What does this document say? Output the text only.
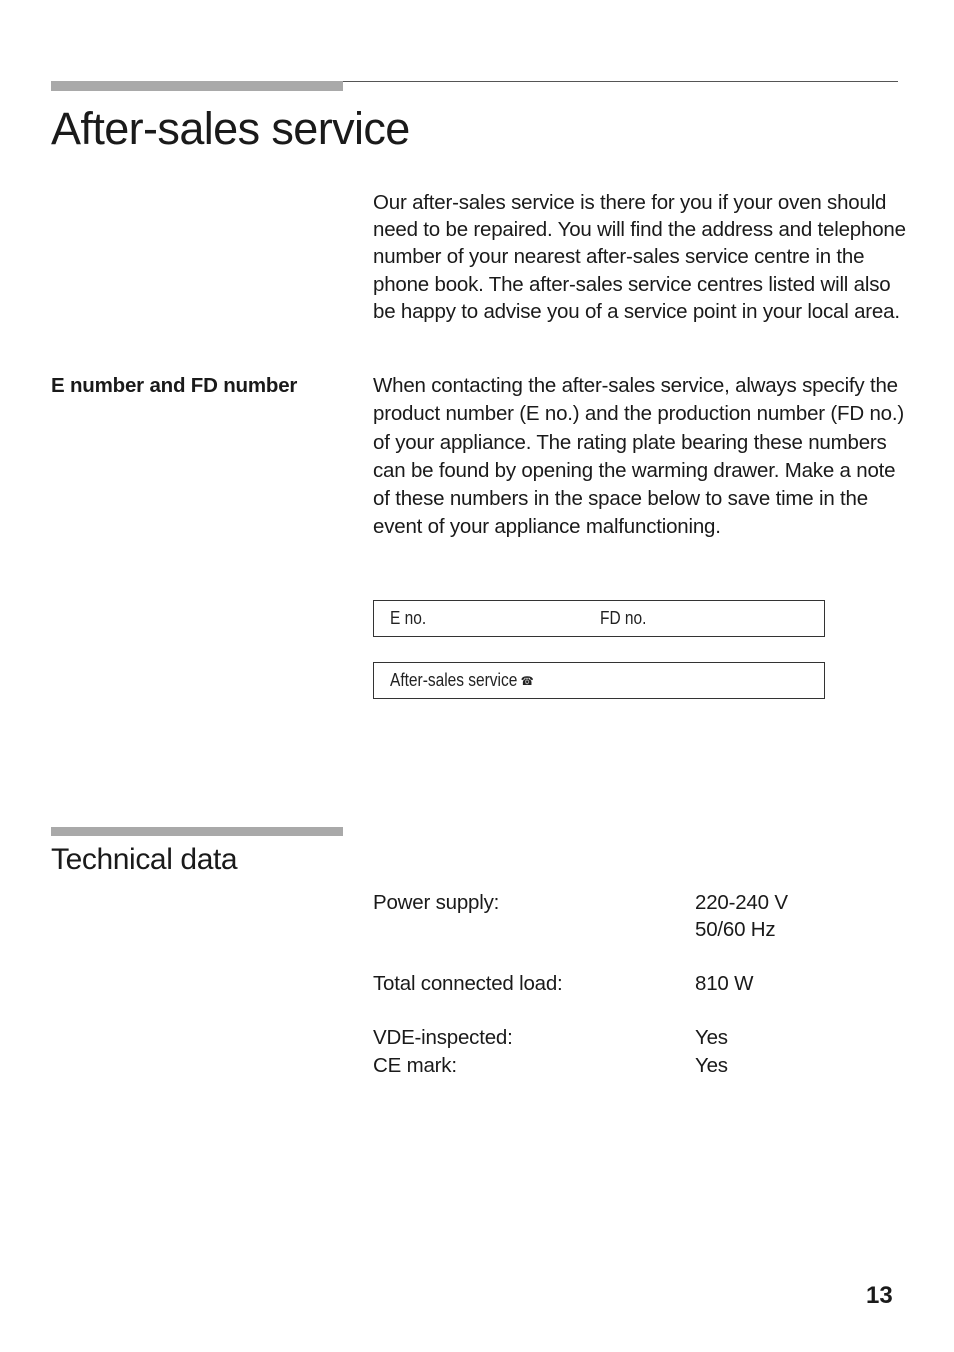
After-sales service

Our after-sales service is there for you if your oven should need to be repaired. You will find the address and telephone number of your nearest after-sales service centre in the phone book. The after-sales service centres listed will also be happy to advise you of a service point in your local area.

E number and FD number	When contacting the after-sales service, always specify the product number (E no.) and the production number (FD no.) of your appliance. The rating plate bearing these numbers can be found by opening the warming drawer. Make a note of these numbers in the space below to save time in the event of your appliance malfunctioning.

E no.	FD no.
After-sales service ☎
Technical data
Power supply:	220-240 V
50/60 Hz
Total connected load:	810 W
VDE-inspected:	Yes
CE mark:	Yes
13
